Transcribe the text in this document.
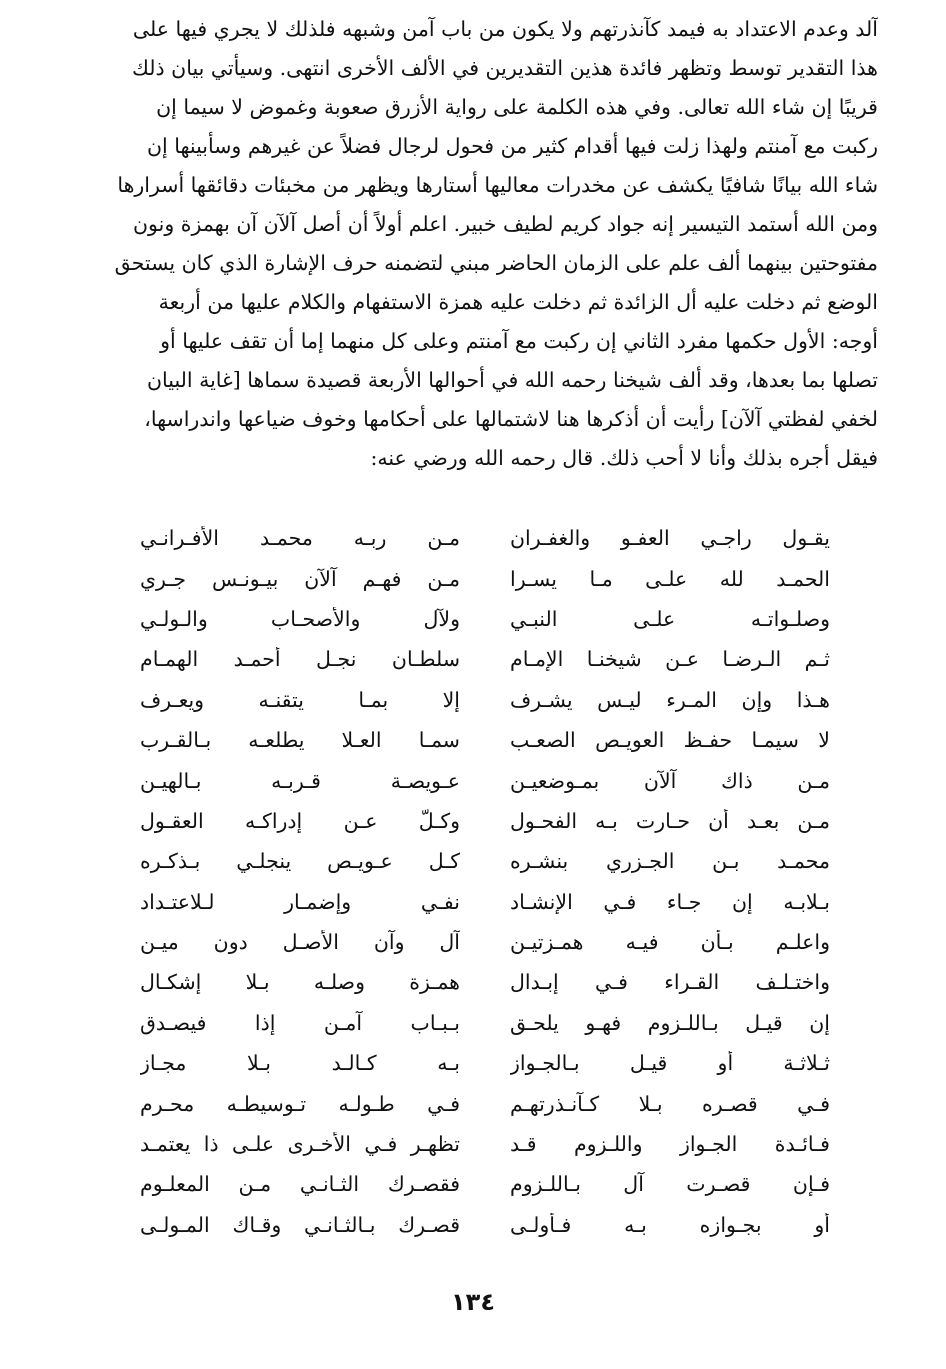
آلد وعدم الاعتداد به فيمد كآنذرتهم ولا يكون من باب آمن وشبهه فلذلك لا يجري فيها على
هذا التقدير توسط وتظهر فائدة هذين التقديرين في الألف الأخرى انتهى. وسيأتي بيان ذلك
قريبًا إن شاء الله تعالى. وفي هذه الكلمة على رواية الأزرق صعوبة وغموض لا سيما إن
ركبت مع آمنتم ولهذا زلت فيها أقدام كثير من فحول لرجال فضلاً عن غيرهم وسأبينها إن
شاء الله بيانًا شافيًا يكشف عن مخدرات معاليها أستارها ويظهر من مخبئات دقائقها أسرارها
ومن الله أستمد التيسير إنه جواد كريم لطيف خبير. اعلم أولاً أن أصل آلآن آن بهمزة ونون
مفتوحتين بينهما ألف علم على الزمان الحاضر مبني لتضمنه حرف الإشارة الذي كان يستحق
الوضع ثم دخلت عليه أل الزائدة ثم دخلت عليه همزة الاستفهام والكلام عليها من أربعة
أوجه: الأول حكمها مفرد الثاني إن ركبت مع آمنتم وعلى كل منهما إما أن تقف عليها أو
تصلها بما بعدها، وقد ألف شيخنا رحمه الله في أحوالها الأربعة قصيدة سماها [غاية البيان
لخفي لفظتي آلآن] رأيت أن أذكرها هنا لاشتمالها على أحكامها وخوف ضياعها واندراسها،
فيقل أجره بذلك وأنا لا أحب ذلك. قال رحمه الله ورضي عنه:
يقـول راجـي العفـو والغفـران
مـن ربـه محمـد الأفـرانـي
الحمـد لله علـى مـا يسـرا
مـن فهـم آلآن بيـونـس جـري
وصلـواتـه علـى النبـي
ولآل والأصحـاب والـولـي
ثـم الـرضـا عـن شيخنـا الإمـام
سلطـان نجـل أحمـد الهمـام
هـذا وإن المـرء ليـس يشـرف
إلا بمـا يتقنـه ويعـرف
لا سيمـا حفـظ العويـص الصعـب
سمـا العـلا يطلعـه بـالقـرب
مـن ذاك آلآن بمـوضعيـن
عـويصـة قـربـه بـالهيـن
مـن بعـد أن حـارت بـه الفحـول
وكـلّ عـن إدراكـه العقـول
محمـد بـن الجـزري بنشـره
كـل عـويـص ينجلـي بـذكـره
بـلابـه إن جـاء فـي الإنشـاد
نفـي وإضمـار لـلاعتـداد
واعلـم بـأن فيـه همـزتيـن
آل وآن الأصـل دون ميـن
واختـلـف القـراء فـي إبـدال
همـزة وصلـه بـلا إشكـال
إن قيـل بـاللـزوم فهـو يلحـق
بـبـاب آمـن إذا فيصـدق
ثـلاثـة أو قيـل بـالجـواز
بـه كـالـد بـلا مجـاز
فـي قصـره بـلا كـآنـذرتهـم
فـي طـولـه تـوسيطـه محـرم
فـائـدة الجـواز واللـزوم قـد
تظهـر فـي الأخـرى علـى ذا يعتمـد
فـإن قصـرت آل بـاللـزوم
فقصـرك الثـانـي مـن المعلـوم
أو بجـوازه بـه فـأولـى
قصـرك بـالثـانـي وقـاك المـولـى
١٣٤
